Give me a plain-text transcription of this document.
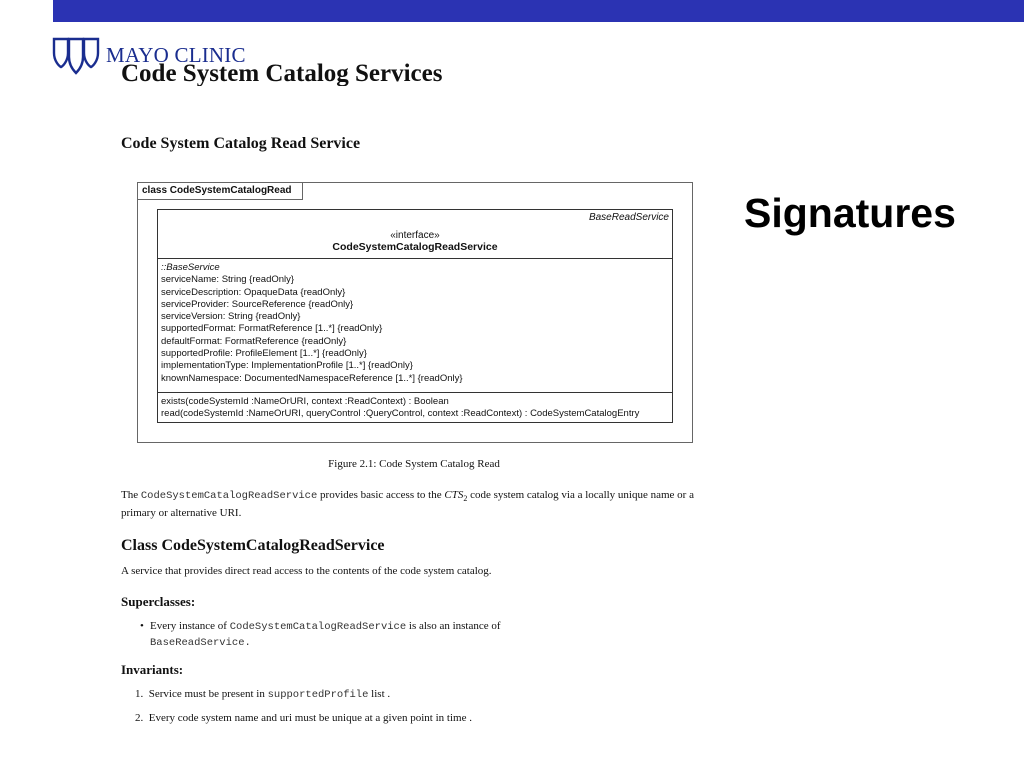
MAYO CLINIC
Code System Catalog Services
Code System Catalog Read Service
Signatures
class CodeSystemCatalogRead
BaseReadService
«interface»
CodeSystemCatalogReadService
::BaseService
serviceName: String {readOnly}
serviceDescription: OpaqueData {readOnly}
serviceProvider: SourceReference {readOnly}
serviceVersion: String {readOnly}
supportedFormat: FormatReference [1..*] {readOnly}
defaultFormat: FormatReference {readOnly}
supportedProfile: ProfileElement [1..*] {readOnly}
implementationType: ImplementationProfile [1..*] {readOnly}
knownNamespace: DocumentedNamespaceReference [1..*] {readOnly}
exists(codeSystemId :NameOrURI, context :ReadContext) : Boolean
read(codeSystemId :NameOrURI, queryControl :QueryControl, context :ReadContext) : CodeSystemCatalogEntry
Figure 2.1: Code System Catalog Read
The CodeSystemCatalogReadService provides basic access to the $CTS_2$ code system catalog via a locally unique name or a primary or alternative URI.
Class CodeSystemCatalogReadService
A service that provides direct read access to the contents of the code system catalog.
Superclasses:
• Every instance of CodeSystemCatalogReadService is also an instance of
BaseReadService.
Invariants:
1. Service must be present in supportedProfile list .
2. Every code system name and uri must be unique at a given point in time .
